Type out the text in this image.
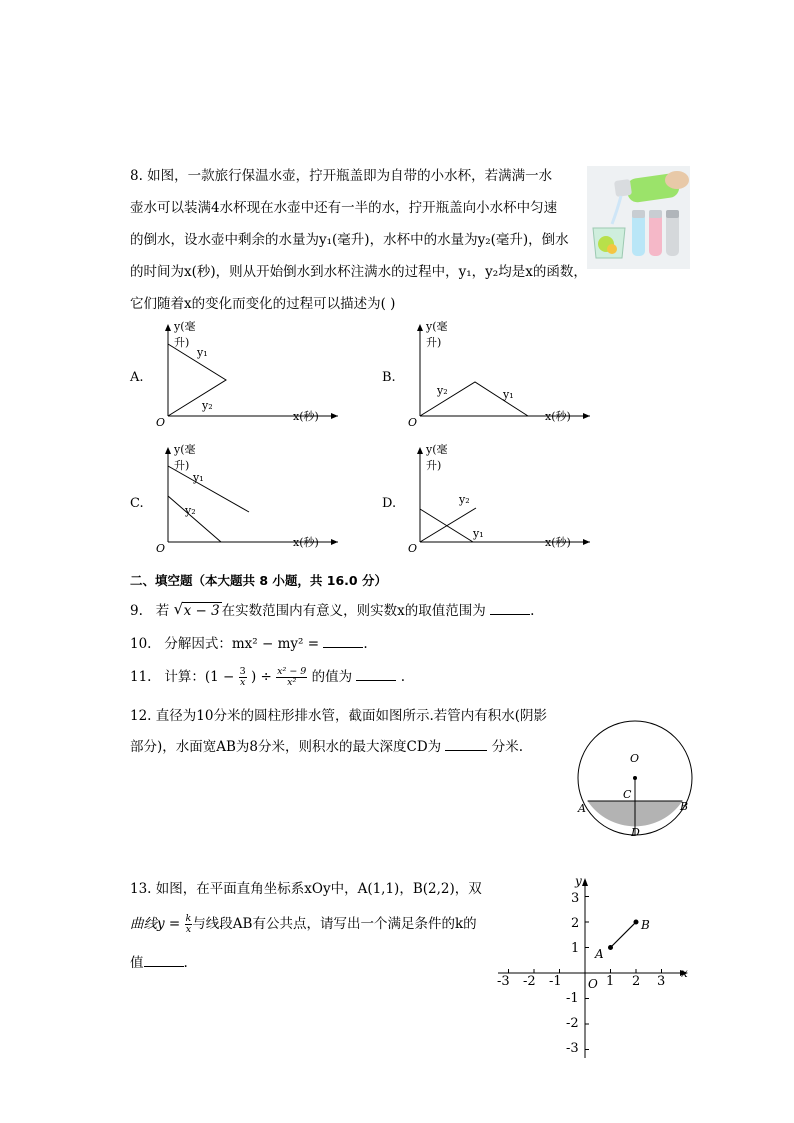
8. 如图，一款旅行保温水壶，拧开瓶盖即为自带的小水杯，若满满一水
壶水可以装满4水杯现在水壶中还有一半的水，拧开瓶盖向小水杯中匀速
的倒水，设水壶中剩余的水量为y₁(毫升)，水杯中的水量为y₂(毫升)，倒水
的时间为x(秒)，则从开始倒水到水杯注满水的过程中，y₁，y₂均是x的函数，
它们随着x的变化而变化的过程可以描述为( )
A.
y(毫升)
x(秒)
O
y₁
y₂
B.
y(毫升)
x(秒)
O
y₂	y₁
C.
y(毫升)
x(秒)
O
y₁
y₂	D.
y(毫升)
x(秒)
O
y₂
y₁
二、填空题（本大题共 8 小题，共 16.0 分）
9. 若 √ x − 3 在实数范围内有意义，则实数x的取值范围为	.
10. 分解因式：mx² − my² =	.
11. 计算：($1 - \frac{3}{x}$ ) ÷ $\frac{\text{x² − 9}}{\text{x²}}$ 的值为	.
12. 直径为10分米的圆柱形排水管，截面如图所示.若管内有积水(阴影
部分)，水面宽AB为8分米，则积水的最大深度CD为	分米.
O
C
A	B
D
13. 如图，在平面直角坐标系xOy中，A(1,1)，B(2,2)，双
曲线$y = \frac{k}{x}$ 与线段AB有公共点，请写出一个满足条件的k的
值	.
-3 -2 -1	1 2 3
3
2
1
-1
-2
-3
x
y
O
A
B
